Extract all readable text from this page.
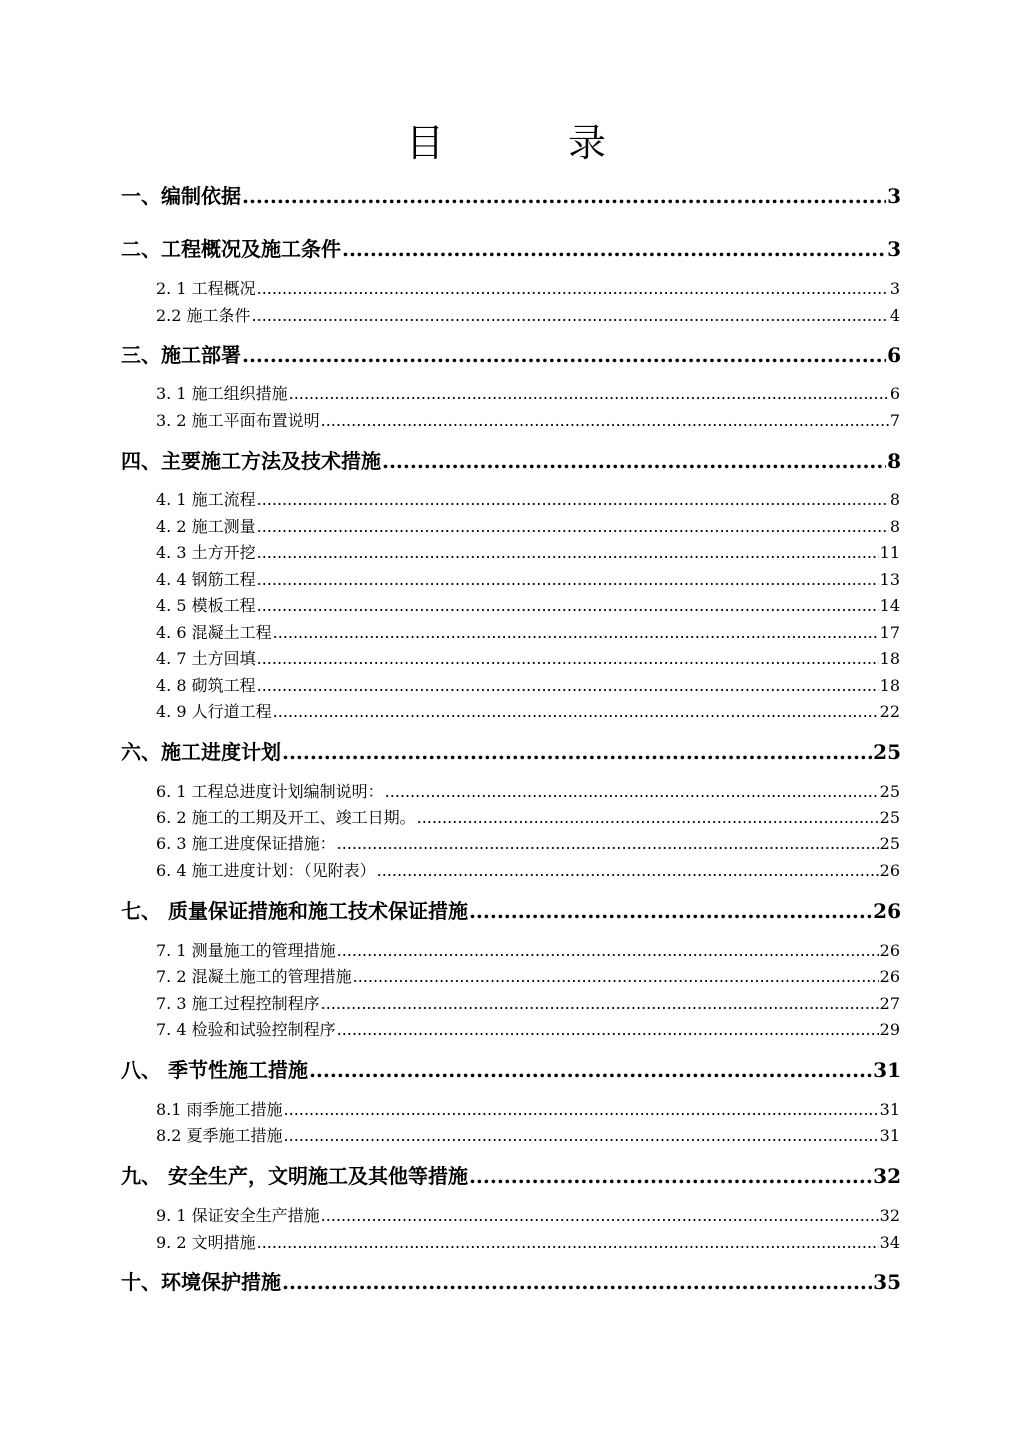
目 录
一、编制依据 .....	3
二、工程概况及施工条件 .....	3
2. 1 工程概况 .....	3
2.2 施工条件 .....	4
三、施工部署 .....	6
3. 1 施工组织措施 .....	6
3. 2 施工平面布置说明 .....	7
四、主要施工方法及技术措施 .....	8
4. 1 施工流程 .....	8
4. 2 施工测量 .....	8
4. 3 土方开挖 .....	11
4. 4 钢筋工程 .....	13
4. 5 模板工程 .....	14
4. 6 混凝土工程 .....	17
4. 7 土方回填 .....	18
4. 8 砌筑工程 .....	18
4. 9 人行道工程 .....	22
六、施工进度计划 .....	25
6. 1 工程总进度计划编制说明： .....	25
6. 2 施工的工期及开工、竣工日期。 .....	25
6. 3 施工进度保证措施： .....	25
6. 4 施工进度计划：（见附表） .....	26
七、 质量保证措施和施工技术保证措施 .....	26
7. 1 测量施工的管理措施 .....	26
7. 2 混凝土施工的管理措施 .....	26
7. 3 施工过程控制程序 .....	27
7. 4 检验和试验控制程序 .....	29
八、 季节性施工措施 .....	31
8.1 雨季施工措施 .....	31
8.2 夏季施工措施 .....	31
九、 安全生产，文明施工及其他等措施 .....	32
9. 1 保证安全生产措施 .....	32
9. 2 文明措施 .....	34
十、环境保护措施 .....	35
